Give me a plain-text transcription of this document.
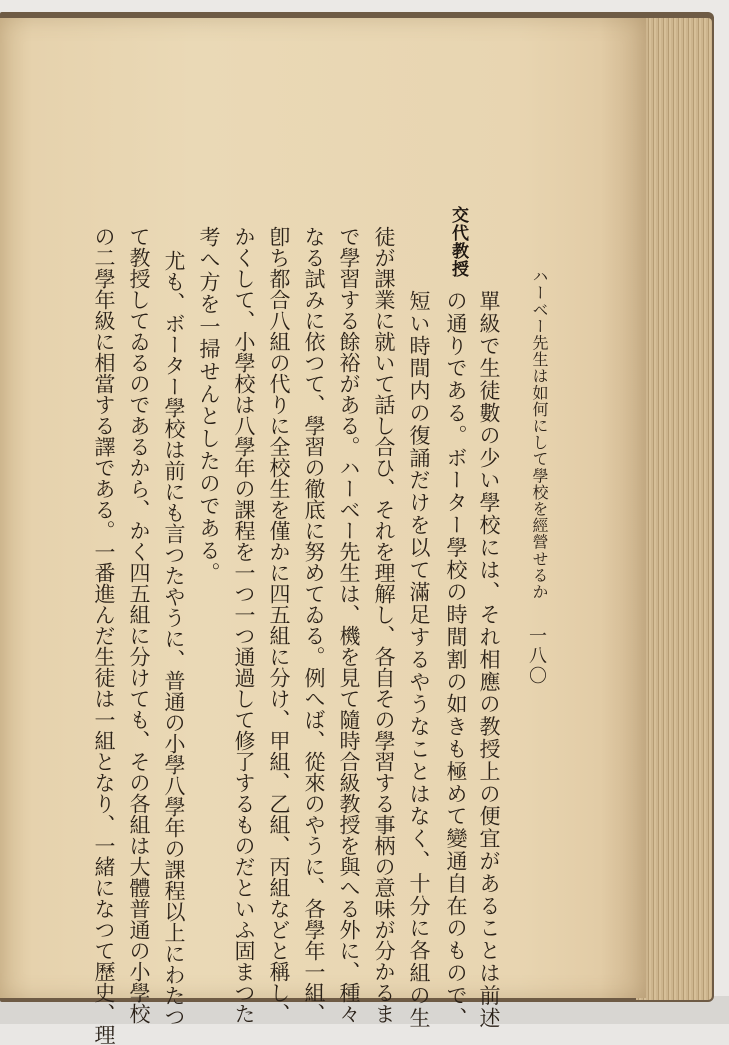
ハーベー先生は如何にして學校を經營せるか
一八〇
交代教授
單級で生徒數の少い學校には、それ相應の教授上の便宜があることは前述
の通りである。ボーター學校の時間割の如きも極めて變通自在のもので、
短い時間内の復誦だけを以て滿足するやうなことはなく、十分に各組の生
徒が課業に就いて話し合ひ、それを理解し、各自その學習する事柄の意味が分かるま
で學習する餘裕がある。ハーベー先生は、機を見て隨時合級教授を與へる外に、種々
なる試みに依つて、學習の徹底に努めてゐる。例へば、從來のやうに、各學年一組、
卽ち都合八組の代りに全校生を僅かに四五組に分け、甲組、乙組、丙組などと稱し、
かくして、小學校は八學年の課程を一つ一つ通過して修了するものだといふ固まつた
考へ方を一掃せんとしたのである。
尤も、ボーター學校は前にも言つたやうに、普通の小學八學年の課程以上にわたつ
て教授してゐるのであるから、かく四五組に分けても、その各組は大體普通の小學校
の二學年級に相當する譯である。一番進んだ生徒は一組となり、一緒になつて歷史、理
